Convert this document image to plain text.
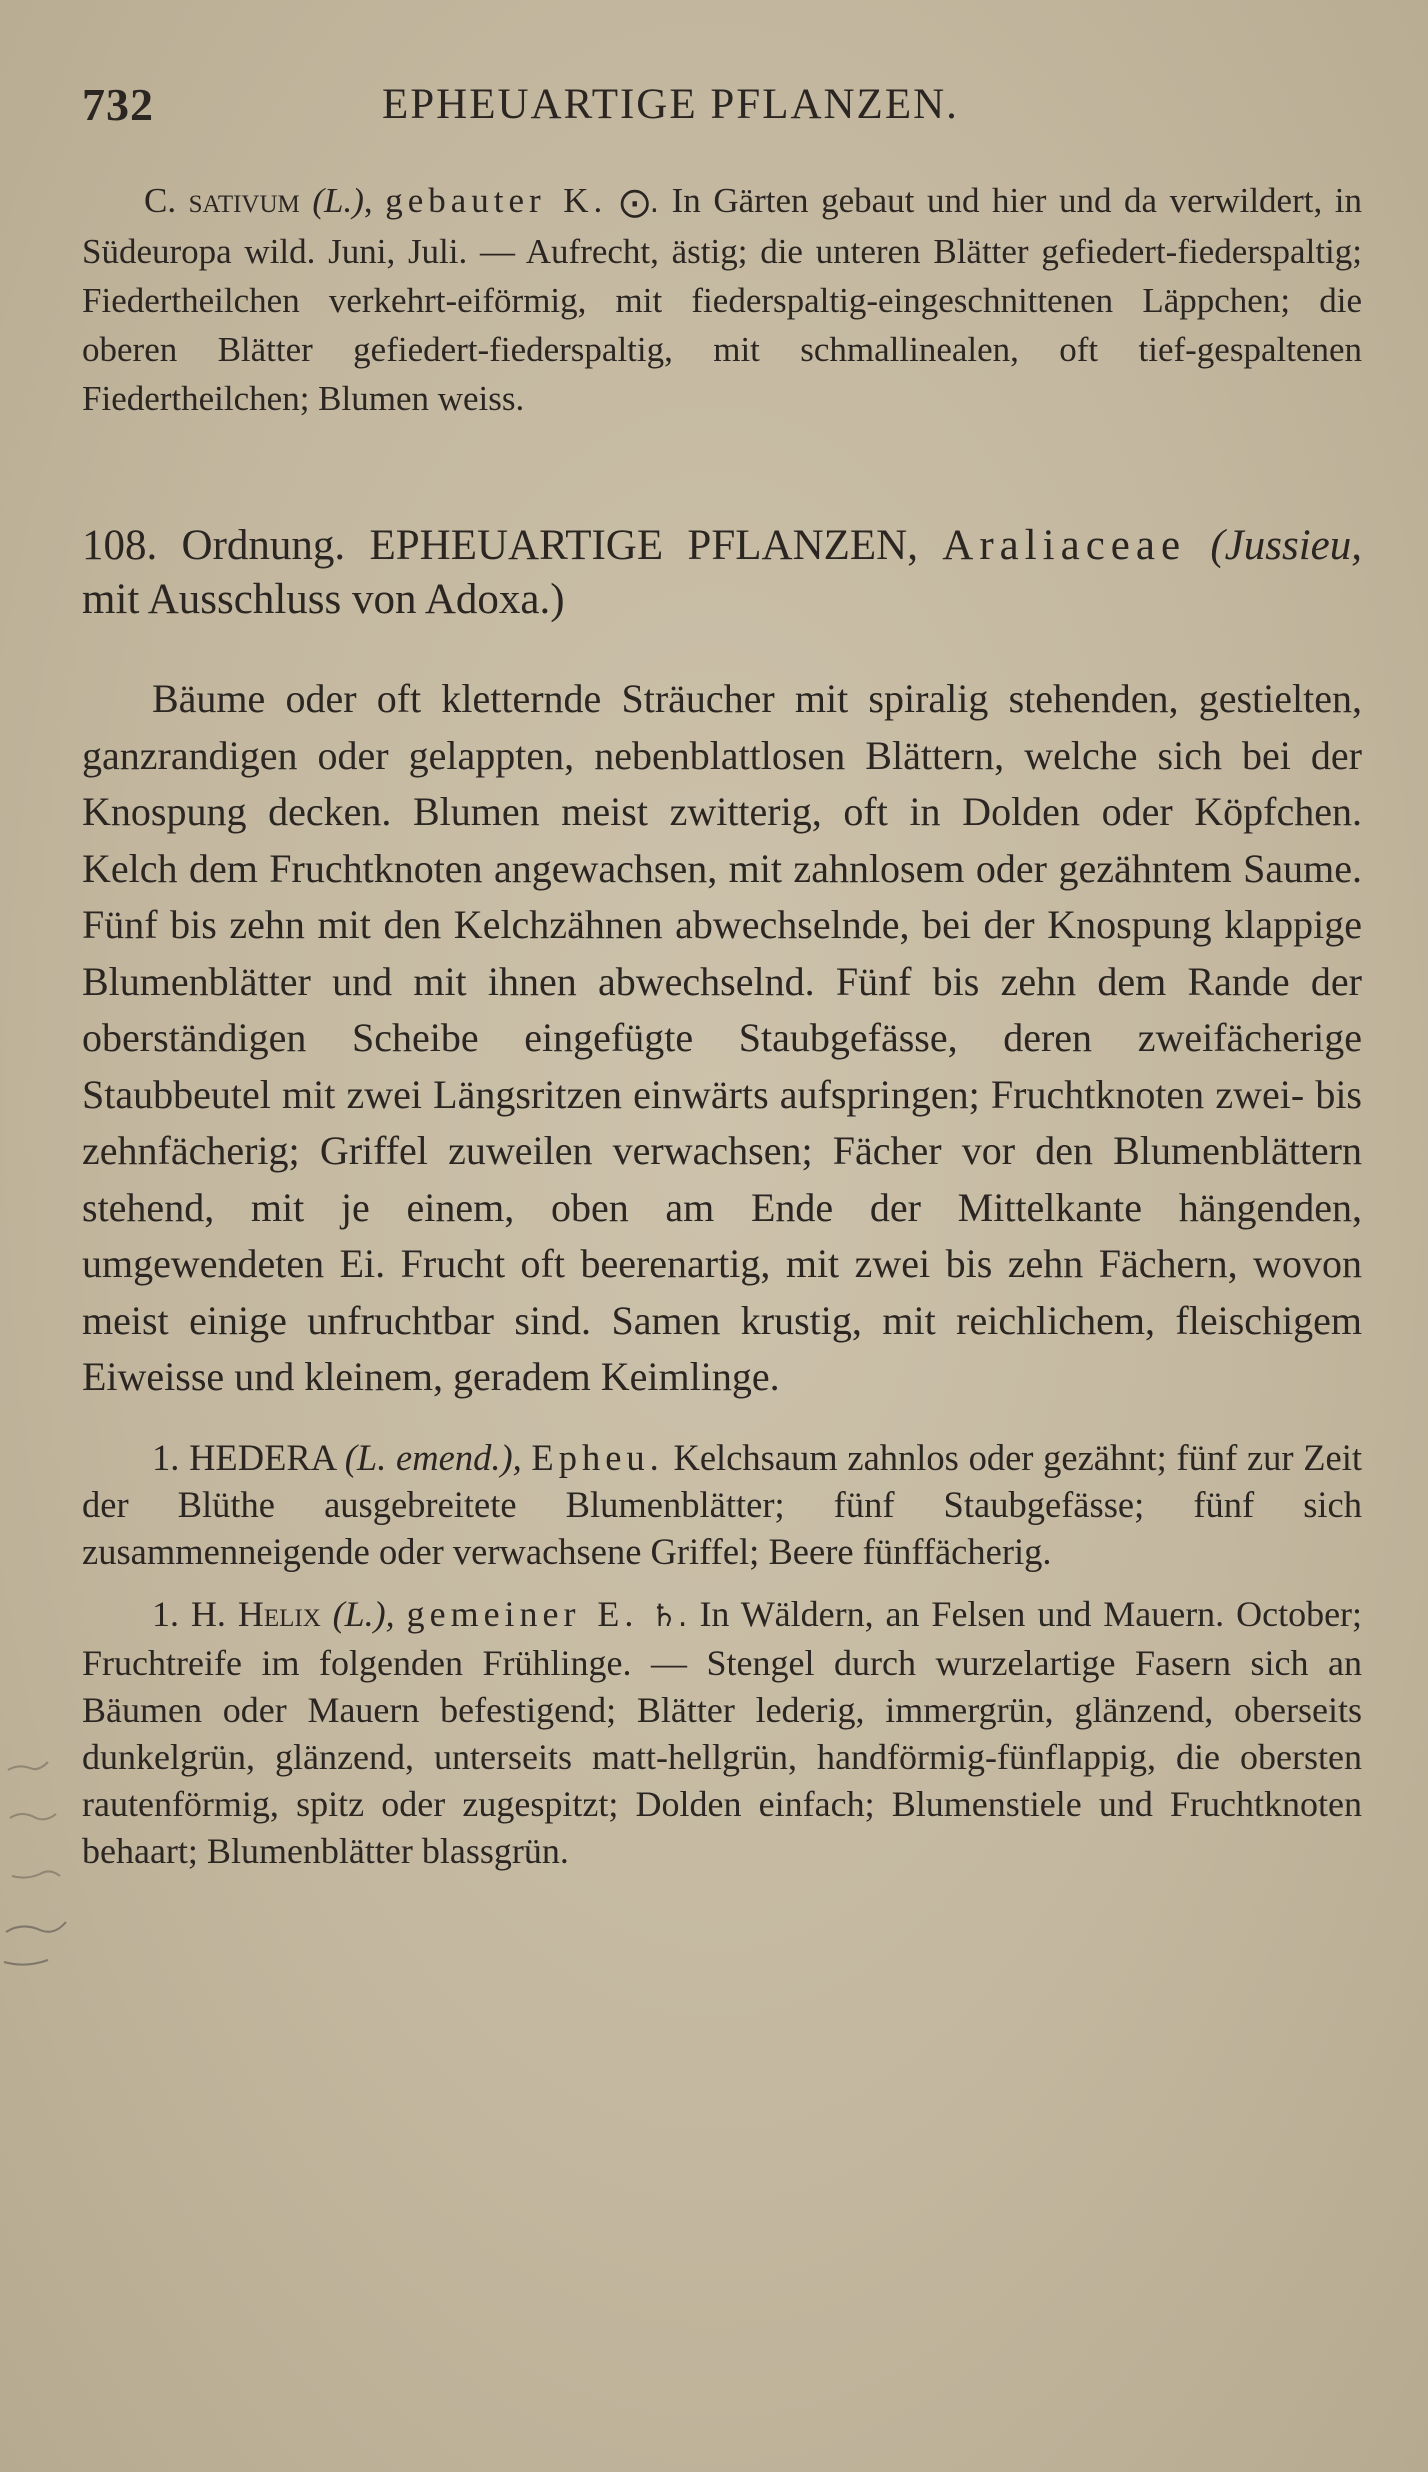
732	EPHEUARTIGE PFLANZEN.

C. sativum (L.), gebauter K. ⨀. In Gärten gebaut und hier und da verwildert, in Südeuropa wild. Juni, Juli. — Aufrecht, ästig; die unteren Blätter gefiedert-fiederspaltig; Fiedertheilchen verkehrt-eiförmig, mit fiederspaltig-eingeschnittenen Läppchen; die oberen Blätter gefiedert-fiederspaltig, mit schmallinealen, oft tief-gespaltenen Fiedertheilchen; Blumen weiss.

108. Ordnung. EPHEUARTIGE PFLANZEN, Araliaceae (Jussieu, mit Ausschluss von Adoxa.)

Bäume oder oft kletternde Sträucher mit spiralig stehenden, gestielten, ganzrandigen oder gelappten, nebenblattlosen Blättern, welche sich bei der Knospung decken. Blumen meist zwitterig, oft in Dolden oder Köpfchen. Kelch dem Fruchtknoten angewachsen, mit zahnlosem oder gezähntem Saume. Fünf bis zehn mit den Kelchzähnen abwechselnde, bei der Knospung klappige Blumenblätter und mit ihnen abwechselnd. Fünf bis zehn dem Rande der oberständigen Scheibe eingefügte Staubgefässe, deren zweifächerige Staubbeutel mit zwei Längsritzen einwärts aufspringen; Fruchtknoten zwei- bis zehnfächerig; Griffel zuweilen verwachsen; Fächer vor den Blumenblättern stehend, mit je einem, oben am Ende der Mittelkante hängenden, umgewendeten Ei. Frucht oft beerenartig, mit zwei bis zehn Fächern, wovon meist einige unfruchtbar sind. Samen krustig, mit reichlichem, fleischigem Eiweisse und kleinem, geradem Keimlinge.

1. HEDERA (L. emend.), Epheu. Kelchsaum zahnlos oder gezähnt; fünf zur Zeit der Blüthe ausgebreitete Blumenblätter; fünf Staubgefässe; fünf sich zusammenneigende oder verwachsene Griffel; Beere fünffächerig.

1. H. Helix (L.), gemeiner E. ♄. In Wäldern, an Felsen und Mauern. October; Fruchtreife im folgenden Frühlinge. — Stengel durch wurzelartige Fasern sich an Bäumen oder Mauern befestigend; Blätter lederig, immergrün, glänzend, oberseits dunkelgrün, glänzend, unterseits matt-hellgrün, handförmig-fünflappig, die obersten rautenförmig, spitz oder zugespitzt; Dolden einfach; Blumenstiele und Fruchtknoten behaart; Blumenblätter blassgrün.
